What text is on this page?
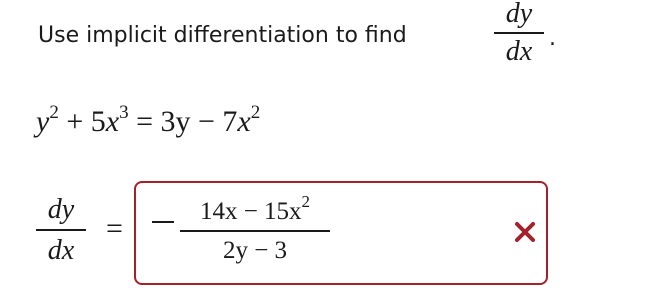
Use implicit differentiation to find
dy
dx .
$y^2 + 5x^3 = 3y - 7x^2$
dy
dx
=
$14x - 15x^2$
2y − 3
